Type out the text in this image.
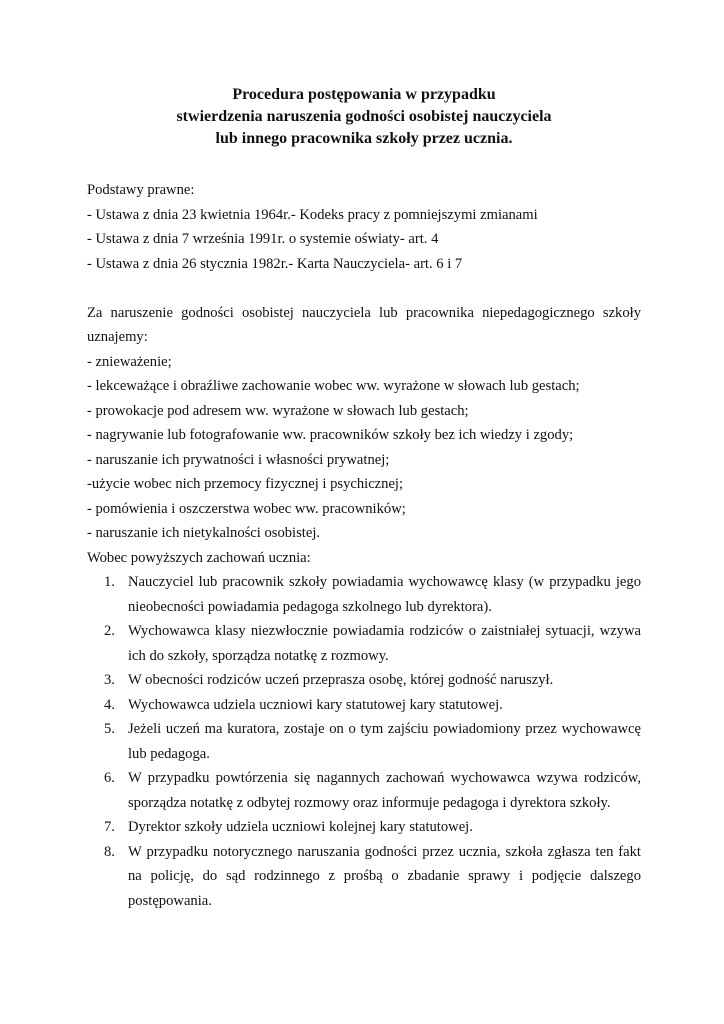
Procedura postępowania w przypadku
stwierdzenia naruszenia godności osobistej nauczyciela
lub innego pracownika szkoły przez ucznia.
Podstawy prawne:
- Ustawa z dnia 23 kwietnia 1964r.- Kodeks pracy z pomniejszymi zmianami
- Ustawa z dnia 7 września 1991r. o systemie oświaty- art. 4
- Ustawa z dnia 26 stycznia 1982r.- Karta Nauczyciela- art. 6 i 7
Za naruszenie godności osobistej nauczyciela lub pracownika niepedagogicznego szkoły
uznajemy:
- znieważenie;
- lekceważące i obraźliwe zachowanie wobec ww. wyrażone w słowach lub gestach;
- prowokacje pod adresem ww. wyrażone w słowach lub gestach;
- nagrywanie lub fotografowanie ww. pracowników szkoły bez ich wiedzy i zgody;
- naruszanie ich prywatności i własności prywatnej;
-użycie wobec nich przemocy fizycznej i psychicznej;
- pomówienia i oszczerstwa wobec ww. pracowników;
- naruszanie ich nietykalności osobistej.
Wobec powyższych zachowań ucznia:
1. Nauczyciel lub pracownik szkoły powiadamia wychowawcę klasy (w przypadku jego nieobecności powiadamia pedagoga szkolnego lub dyrektora).
2. Wychowawca klasy niezwłocznie powiadamia rodziców o zaistniałej sytuacji, wzywa ich do szkoły, sporządza notatkę z rozmowy.
3. W obecności rodziców uczeń przeprasza osobę, której godność naruszył.
4. Wychowawca udziela uczniowi kary statutowej kary statutowej.
5. Jeżeli uczeń ma kuratora, zostaje on o tym zajściu powiadomiony przez wychowawcę lub pedagoga.
6. W przypadku powtórzenia się nagannych zachowań wychowawca wzywa rodziców, sporządza notatkę z odbytej rozmowy oraz informuje pedagoga i dyrektora szkoły.
7. Dyrektor szkoły udziela uczniowi kolejnej kary statutowej.
8. W przypadku notorycznego naruszania godności przez ucznia, szkoła zgłasza ten fakt na policję, do sąd rodzinnego z prośbą o zbadanie sprawy i podjęcie dalszego postępowania.
